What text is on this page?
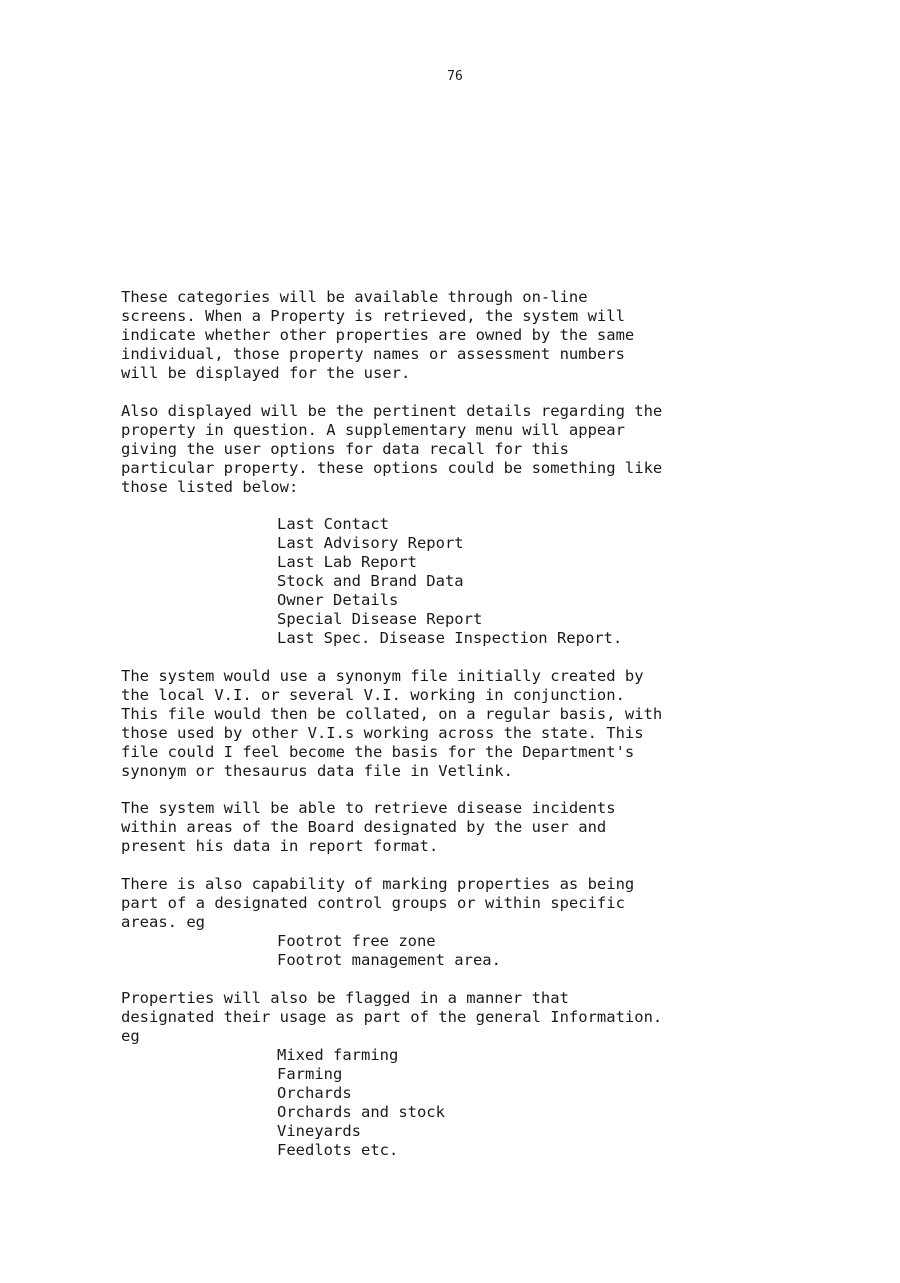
76
These categories will be available through on-line
screens. When a Property is retrieved, the system will
indicate whether other properties are owned by the same
individual, those property names or assessment numbers
will be displayed for the user.
Also displayed will be the pertinent details regarding the
property in question. A supplementary menu will appear
giving the user options for data recall for this
particular property. these options could be something like
those listed below:
Last Contact
Last Advisory Report
Last Lab Report
Stock and Brand Data
Owner Details
Special Disease Report
Last Spec. Disease Inspection Report.
The system would use a synonym file initially created by
the local V.I. or several V.I. working in conjunction.
This file would then be collated, on a regular basis, with
those used by other V.I.s working across the state. This
file could I feel become the basis for the Department's
synonym or thesaurus data file in Vetlink.
The system will be able to retrieve disease incidents
within areas of the Board designated by the user and
present his data in report format.
There is also capability of marking properties as being
part of a designated control groups or within specific
areas. eg
Footrot free zone
Footrot management area.
Properties will also be flagged in a manner that
designated their usage as part of the general Information.
eg
Mixed farming
Farming
Orchards
Orchards and stock
Vineyards
Feedlots etc.
